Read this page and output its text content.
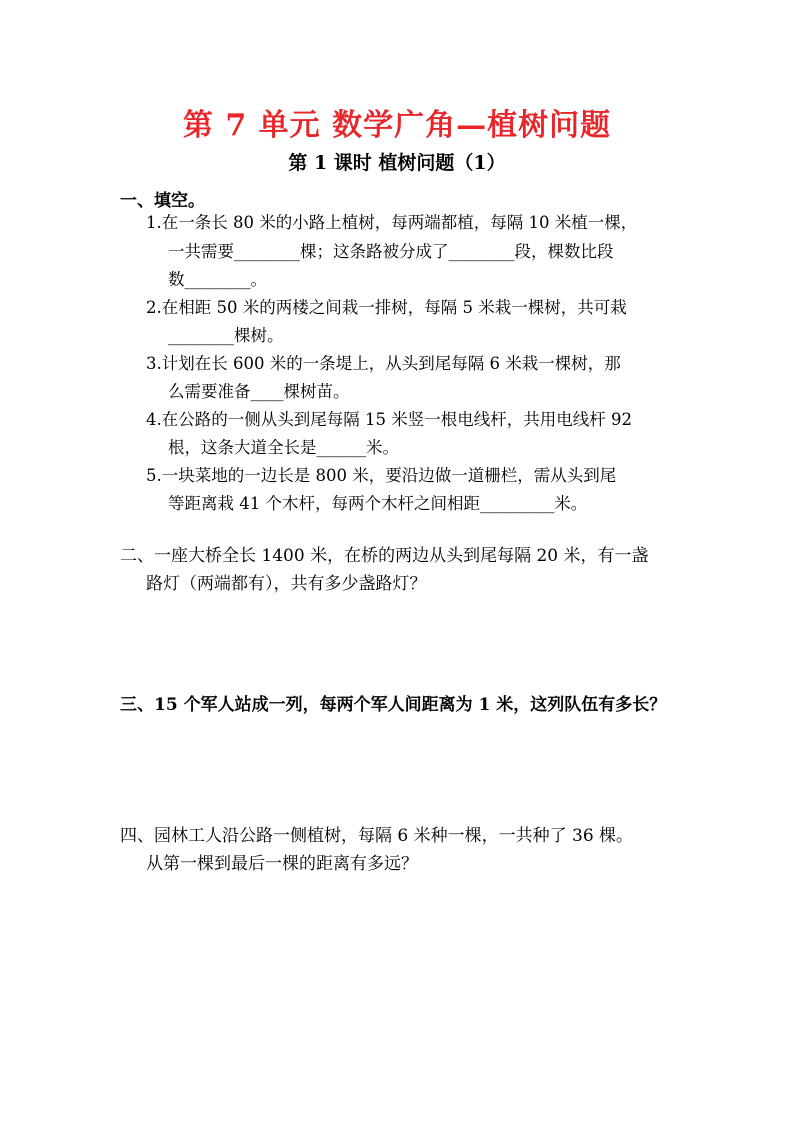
第 7 单元 数学广角—植树问题
第 1 课时 植树问题（1）
一、填空。
1.在一条长 80 米的小路上植树，每两端都植，每隔 10 米植一棵，
一共需要________棵；这条路被分成了________段，棵数比段
数________。
2.在相距 50 米的两楼之间栽一排树，每隔 5 米栽一棵树，共可栽
________棵树。
3.计划在长 600 米的一条堤上，从头到尾每隔 6 米栽一棵树，那
么需要准备____棵树苗。
4.在公路的一侧从头到尾每隔 15 米竖一根电线杆，共用电线杆 92
根，这条大道全长是______米。
5.一块菜地的一边长是 800 米，要沿边做一道栅栏，需从头到尾
等距离栽 41 个木杆，每两个木杆之间相距_________米。
二、一座大桥全长 1400 米，在桥的两边从头到尾每隔 20 米，有一盏
路灯（两端都有），共有多少盏路灯？
三、15 个军人站成一列，每两个军人间距离为 1 米，这列队伍有多长？
四、园林工人沿公路一侧植树，每隔 6 米种一棵，一共种了 36 棵。
从第一棵到最后一棵的距离有多远？
